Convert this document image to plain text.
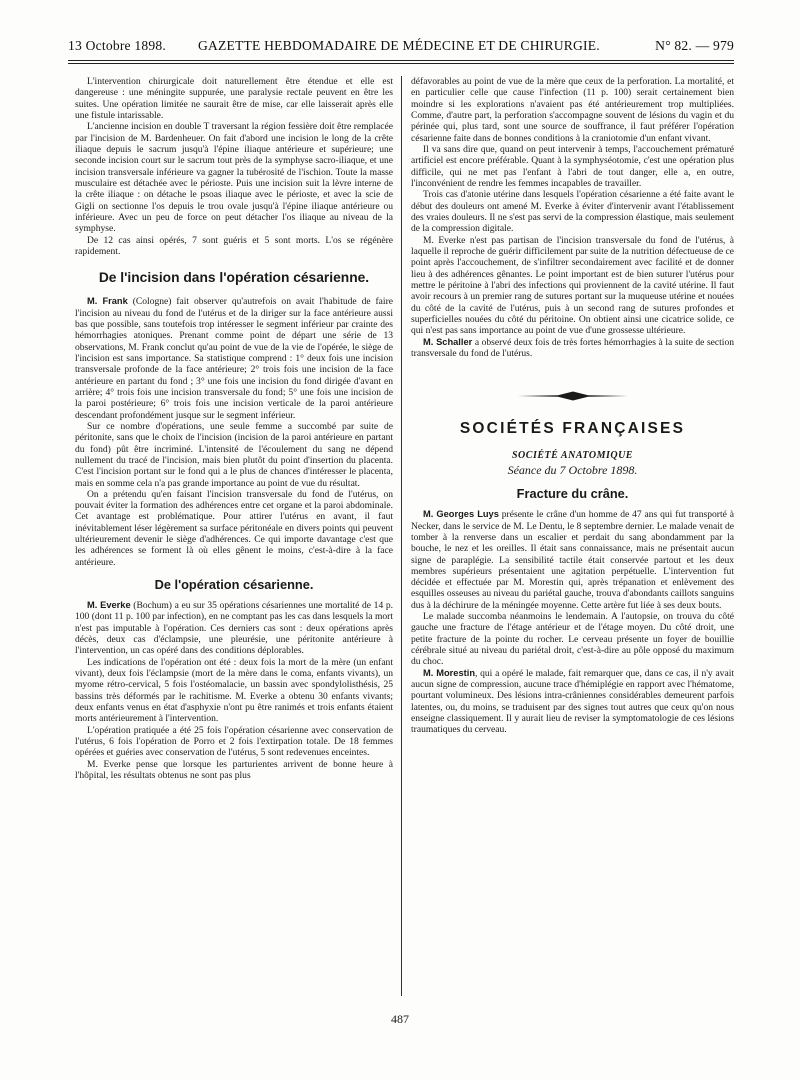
13 Octobre 1898. GAZETTE HEBDOMADAIRE DE MÉDECINE ET DE CHIRURGIE.	N° 82. — 979

L'intervention chirurgicale doit naturellement être étendue et elle est dangereuse : une méningite suppurée, une paralysie rectale peuvent en être les suites. Une opération limitée ne saurait être de mise, car elle laisserait après elle une fistule intarissable.

L'ancienne incision en double T traversant la région fessière doit être remplacée par l'incision de M. Bardenheuer. On fait d'abord une incision le long de la crête iliaque depuis le sacrum jusqu'à l'épine iliaque antérieure et supérieure; une seconde incision court sur le sacrum tout près de la symphyse sacro-iliaque, et une incision transversale inférieure va gagner la tubérosité de l'ischion. Toute la masse musculaire est détachée avec le périoste. Puis une incision suit la lèvre interne de la crête iliaque : on détache le psoas iliaque avec le périoste, et avec la scie de Gigli on sectionne l'os depuis le trou ovale jusqu'à l'épine iliaque antérieure ou inférieure. Avec un peu de force on peut détacher l'os iliaque au niveau de la symphyse.

De 12 cas ainsi opérés, 7 sont guéris et 5 sont morts. L'os se régénère rapidement.

De l'incision dans l'opération césarienne.

M. Frank (Cologne) fait observer qu'autrefois on avait l'habitude de faire l'incision au niveau du fond de l'utérus et de la diriger sur la face antérieure aussi bas que possible, sans toutefois trop intéresser le segment inférieur par crainte des hémorrhagies atoniques. Prenant comme point de départ une série de 13 observations, M. Frank conclut qu'au point de vue de la vie de l'opérée, le siège de l'incision est sans importance. Sa statistique comprend : 1° deux fois une incision transversale profonde de la face antérieure; 2° trois fois une incision de la face antérieure en partant du fond ; 3° une fois une incision du fond dirigée d'avant en arrière; 4° trois fois une incision transversale du fond; 5° une fois une incision de la paroi postérieure; 6° trois fois une incision verticale de la paroi antérieure descendant profondément jusque sur le segment inférieur.

Sur ce nombre d'opérations, une seule femme a succombé par suite de péritonite, sans que le choix de l'incision (incision de la paroi antérieure en partant du fond) pût être incriminé. L'intensité de l'écoulement du sang ne dépend nullement du tracé de l'incision, mais bien plutôt du point d'insertion du placenta. C'est l'incision portant sur le fond qui a le plus de chances d'intéresser le placenta, mais en somme cela n'a pas grande importance au point de vue du résultat.

On a prétendu qu'en faisant l'incision transversale du fond de l'utérus, on pouvait éviter la formation des adhérences entre cet organe et la paroi abdominale. Cet avantage est problématique. Pour attirer l'utérus en avant, il faut inévitablement léser légèrement sa surface péritonéale en divers points qui peuvent ultérieurement devenir le siège d'adhérences. Ce qui importe davantage c'est que les adhérences se forment là où elles gênent le moins, c'est-à-dire à la face antérieure.

De l'opération césarienne.

M. Everke (Bochum) a eu sur 35 opérations césariennes une mortalité de 14 p. 100 (dont 11 p. 100 par infection), en ne comptant pas les cas dans lesquels la mort n'est pas imputable à l'opération. Ces derniers cas sont : deux opérations après décès, deux cas d'éclampsie, une pleurésie, une péritonite antérieure à l'intervention, un cas opéré dans des conditions déplorables.

Les indications de l'opération ont été : deux fois la mort de la mère (un enfant vivant), deux fois l'éclampsie (mort de la mère dans le coma, enfants vivants), un myome rétro-cervical, 5 fois l'ostéomalacie, un bassin avec spondylolisthésis, 25 bassins très déformés par le rachitisme. M. Everke a obtenu 30 enfants vivants; deux enfants venus en état d'asphyxie n'ont pu être ranimés et trois enfants étaient morts antérieurement à l'intervention.

L'opération pratiquée a été 25 fois l'opération césarienne avec conservation de l'utérus, 6 fois l'opération de Porro et 2 fois l'extirpation totale. De 18 femmes opérées et guéries avec conservation de l'utérus, 5 sont redevenues enceintes.

M. Everke pense que lorsque les parturientes arrivent de bonne heure à l'hôpital, les résultats obtenus ne sont pas plus

défavorables au point de vue de la mère que ceux de la perforation. La mortalité, et en particulier celle que cause l'infection (11 p. 100) serait certainement bien moindre si les explorations n'avaient pas été antérieurement trop multipliées. Comme, d'autre part, la perforation s'accompagne souvent de lésions du vagin et du périnée qui, plus tard, sont une source de souffrance, il faut préférer l'opération césarienne faite dans de bonnes conditions à la craniotomie d'un enfant vivant.

Il va sans dire que, quand on peut intervenir à temps, l'accouchement prématuré artificiel est encore préférable. Quant à la symphyséotomie, c'est une opération plus difficile, qui ne met pas l'enfant à l'abri de tout danger, elle a, en outre, l'inconvénient de rendre les femmes incapables de travailler.

Trois cas d'atonie utérine dans lesquels l'opération césarienne a été faite avant le début des douleurs ont amené M. Everke à éviter d'intervenir avant l'établissement des vraies douleurs. Il ne s'est pas servi de la compression élastique, mais seulement de la compression digitale.

M. Everke n'est pas partisan de l'incision transversale du fond de l'utérus, à laquelle il reproche de guérir difficilement par suite de la nutrition défectueuse de ce point après l'accouchement, de s'infiltrer secondairement avec facilité et de donner lieu à des adhérences gênantes. Le point important est de bien suturer l'utérus pour mettre le péritoine à l'abri des infections qui proviennent de la cavité utérine. Il faut avoir recours à un premier rang de sutures portant sur la muqueuse utérine et nouées du côté de la cavité de l'utérus, puis à un second rang de sutures profondes et superficielles nouées du côté du péritoine. On obtient ainsi une cicatrice solide, ce qui n'est pas sans importance au point de vue d'une grossesse ultérieure.

M. Schaller a observé deux fois de très fortes hémorrhagies à la suite de section transversale du fond de l'utérus.

SOCIÉTÉS FRANÇAISES
SOCIÉTÉ ANATOMIQUE
Séance du 7 Octobre 1898.
Fracture du crâne.

M. Georges Luys présente le crâne d'un homme de 47 ans qui fut transporté à Necker, dans le service de M. Le Dentu, le 8 septembre dernier. Le malade venait de tomber à la renverse dans un escalier et perdait du sang abondamment par la bouche, le nez et les oreilles. Il était sans connaissance, mais ne présentait aucun signe de paraplégie. La sensibilité tactile était conservée partout et les deux membres supérieurs présentaient une agitation perpétuelle. L'intervention fut décidée et effectuée par M. Morestin qui, après trépanation et enlèvement des esquilles osseuses au niveau du pariétal gauche, trouva d'abondants caillots sanguins dus à la déchirure de la méningée moyenne. Cette artère fut liée à ses deux bouts.

Le malade succomba néanmoins le lendemain. A l'autopsie, on trouva du côté gauche une fracture de l'étage antérieur et de l'étage moyen. Du côté droit, une petite fracture de la pointe du rocher. Le cerveau présente un foyer de bouillie cérébrale situé au niveau du pariétal droit, c'est-à-dire au pôle opposé du maximum du choc.

M. Morestin, qui a opéré le malade, fait remarquer que, dans ce cas, il n'y avait aucun signe de compression, aucune trace d'hémiplégie en rapport avec l'hématome, pourtant volumineux. Des lésions intra-crâniennes considérables demeurent parfois latentes, ou, du moins, se traduisent par des signes tout autres que ceux qu'on nous enseigne classiquement. Il y aurait lieu de reviser la symptomatologie de ces lésions traumatiques du cerveau.

487
